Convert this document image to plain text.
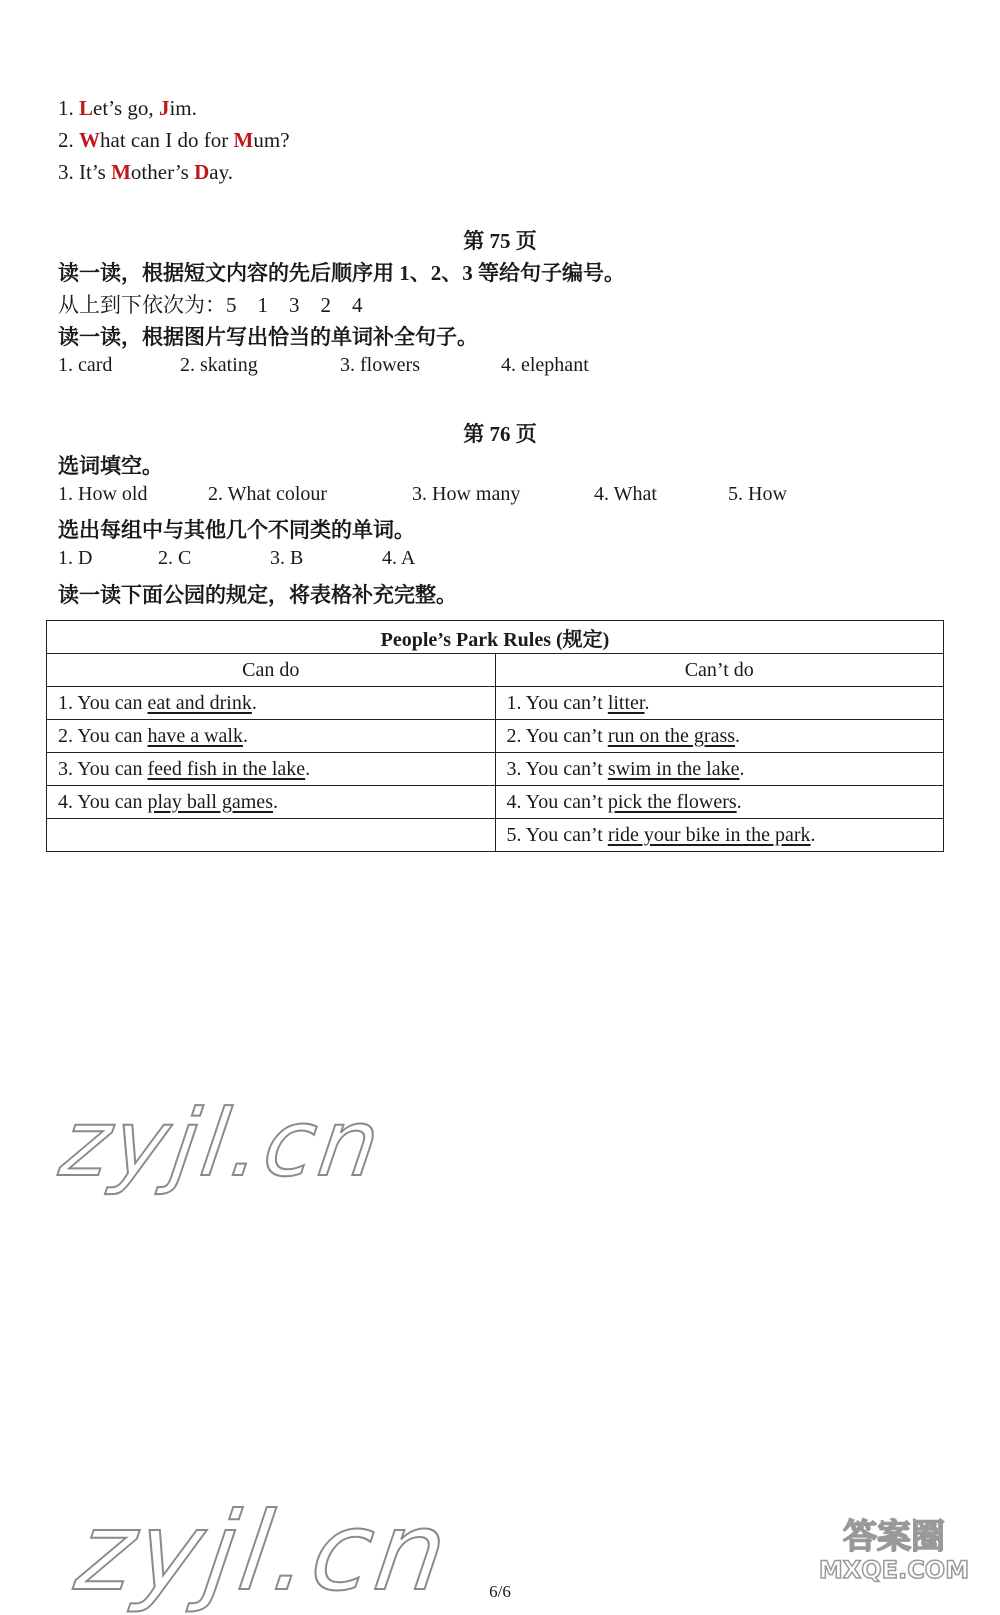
1. Let’s go, Jim.
2. What can I do for Mum?
3. It’s Mother’s Day.
第 75 页
读一读，根据短文内容的先后顺序用 1、2、3 等给句子编号。
从上到下依次为：5　1　3　2　4
读一读，根据图片写出恰当的单词补全句子。
1. card	2. skating	3. flowers	4. elephant
第 76 页
选词填空。
1. How old	2. What colour	3. How many	4. What	5. How
选出每组中与其他几个不同类的单词。
1. D	2. C	3. B	4. A
读一读下面公园的规定，将表格补充完整。
People’s Park Rules (规定)	
Can do	Can’t do
1. You can eat and drink.	1. You can’t litter.
2. You can have a walk.	2. You can’t run on the grass.
3. You can feed fish in the lake.	3. You can’t swim in the lake.
4. You can play ball games.	4. You can’t pick the flowers.
	5. You can’t ride your bike in the park.
zyjl.cn
zyjl.cn	答案圈
MXQE.COM
6/6
